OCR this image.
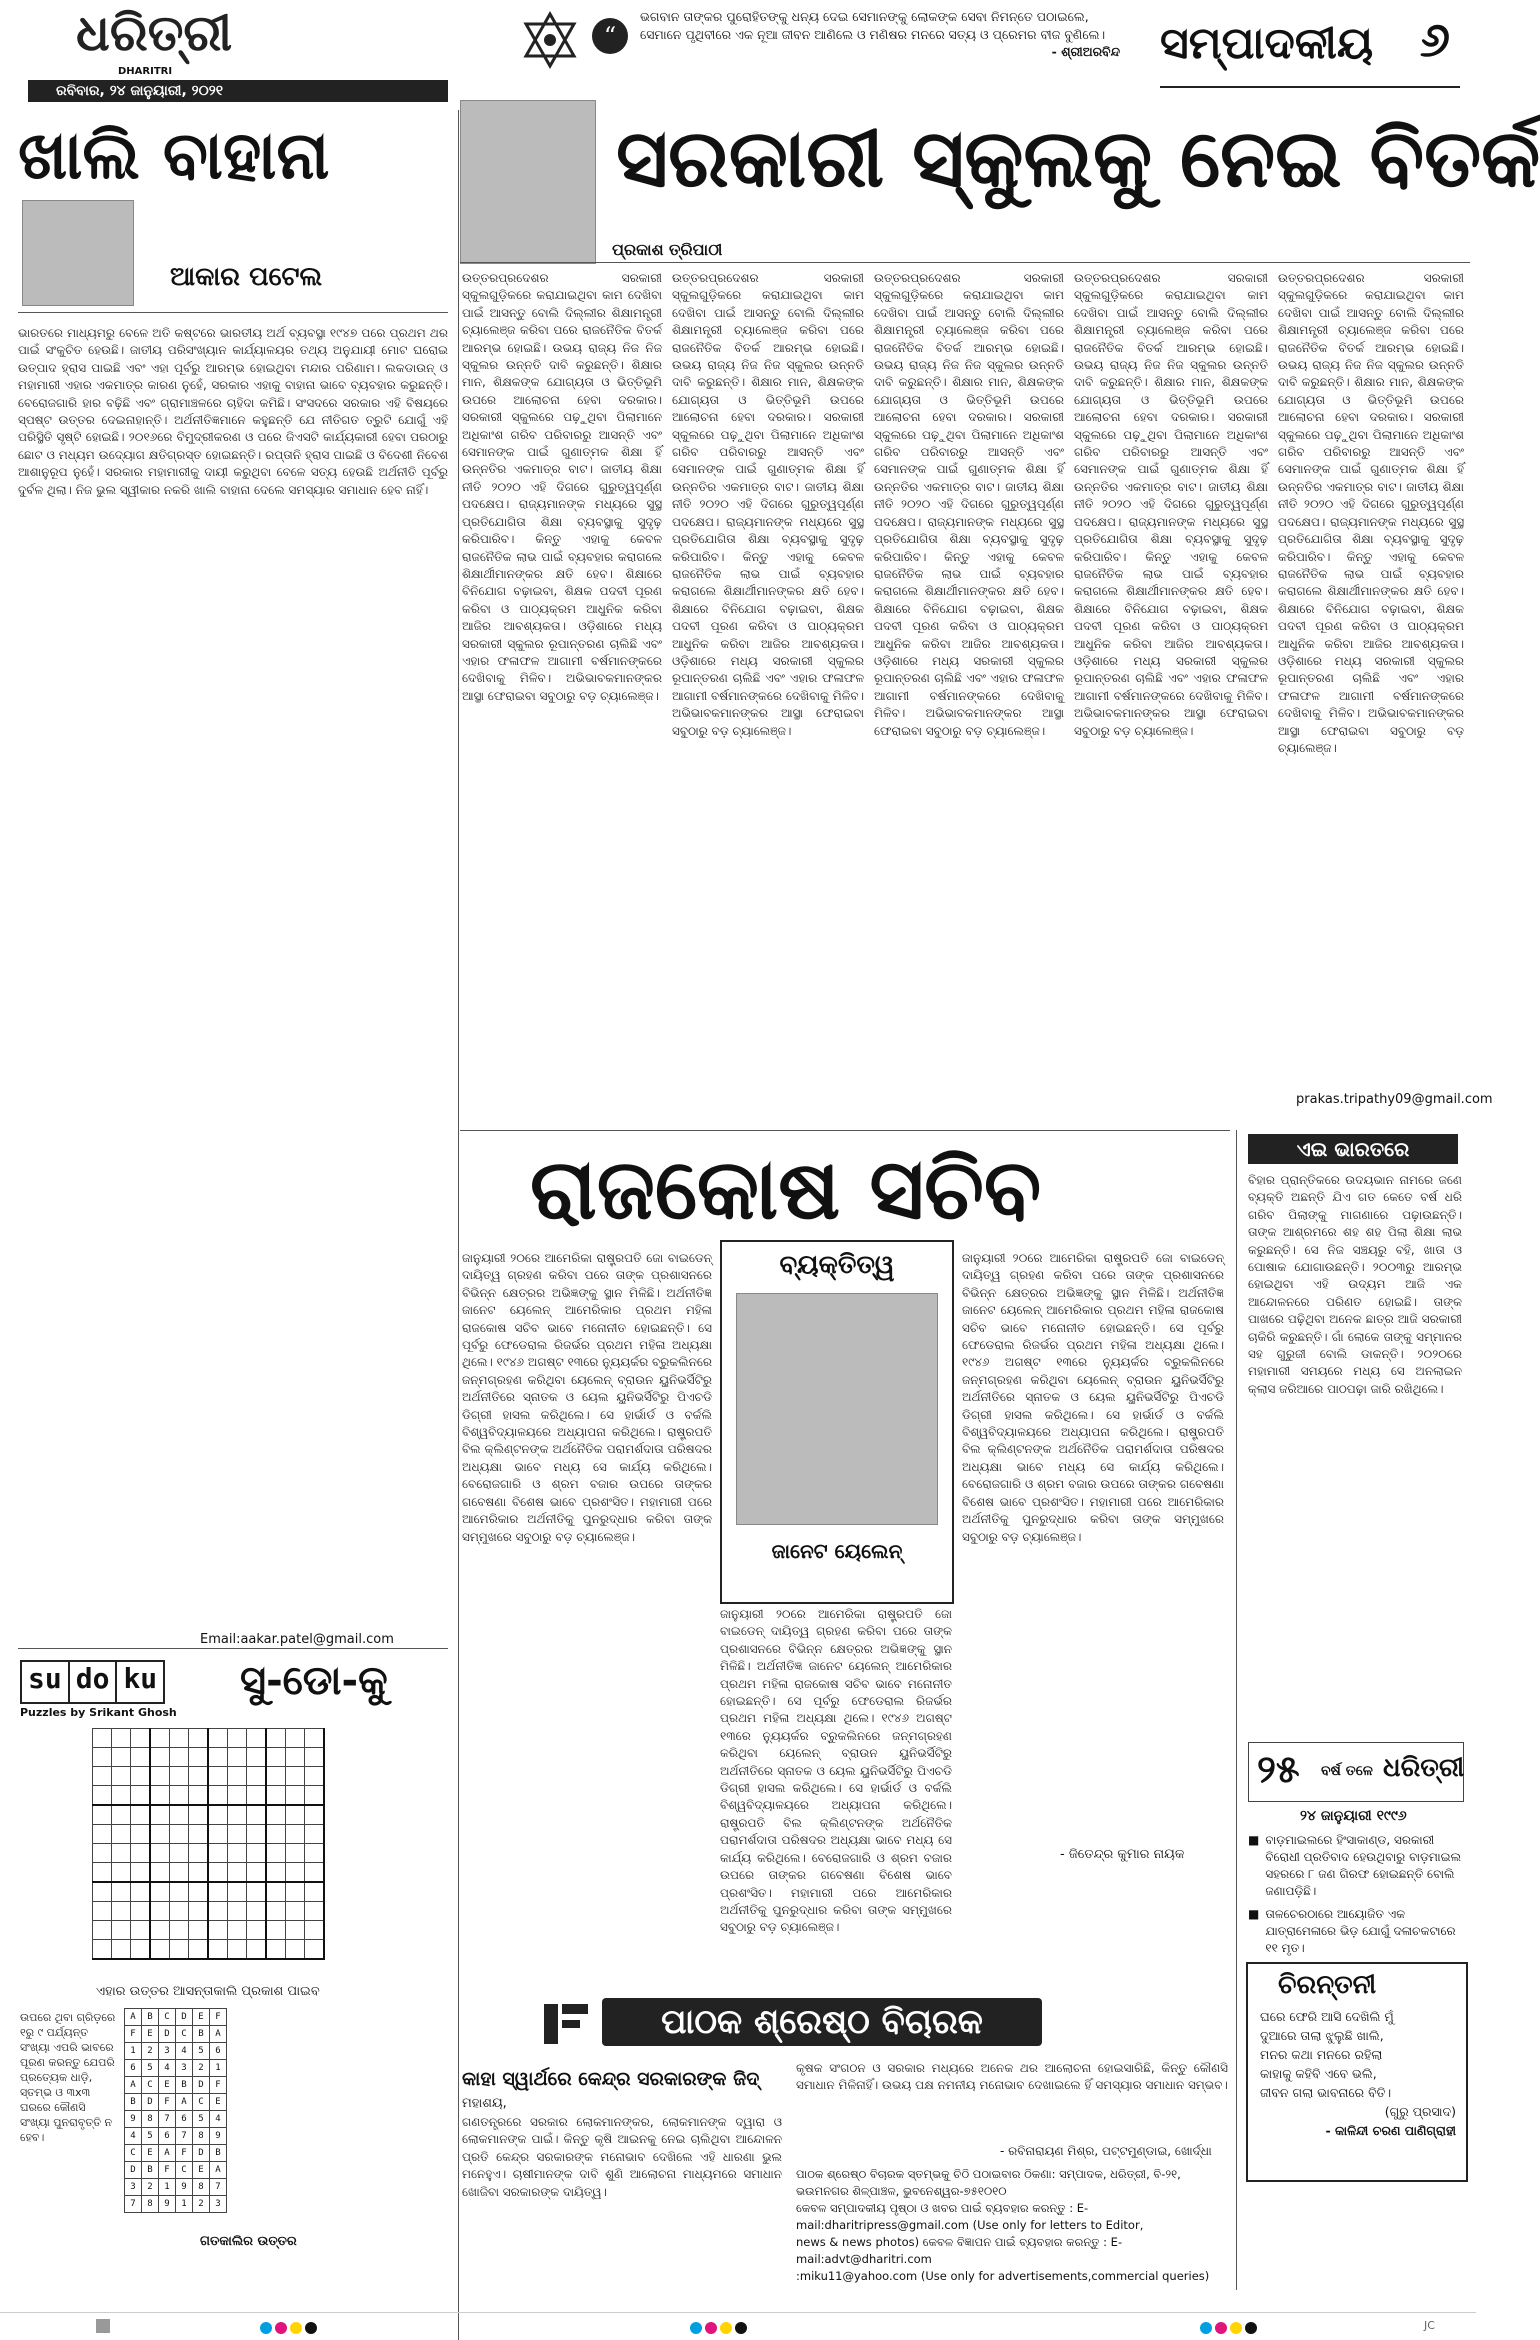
ଧରିତ୍ରୀ
DHARITRI
ରବିବାର, ୨୪ ଜାନୁୟାରୀ, ୨୦୨୧
“
ଭଗବାନ ତାଙ୍କର ପୁରୋହିତଙ୍କୁ ଧନ୍ୟ ଦେଇ ସେମାନଙ୍କୁ ଲୋକଙ୍କ ସେବା ନିମନ୍ତେ ପଠାଇଲେ, ସେମାନେ ପୃଥିବୀରେ ଏକ ନୂଆ ଜୀବନ ଆଣିଲେ ଓ ମଣିଷର ମନରେ ସତ୍ୟ ଓ ପ୍ରେମର ବୀଜ ବୁଣିଲେ।
- ଶ୍ରୀଅରବିନ୍ଦ ସମ୍ପାଦକୀୟ ୬
ଖାଲି ବାହାନା
ଆକାର ପଟେଲ
ଭାରତରେ ମାଧ୍ୟମରୁ ବେଳେ ଅତି କଷ୍ଟରେ ଭାରତୀୟ ଅର୍ଥ ବ୍ୟବସ୍ଥା ୧୯୪୭ ପରେ ପ୍ରଥମ ଥର ପାଇଁ ସଂକୁଚିତ ହେଉଛି। ଜାତୀୟ ପରିସଂଖ୍ୟାନ କାର୍ଯ୍ୟାଳୟର ତଥ୍ୟ ଅନୁଯାୟୀ ମୋଟ ଘରୋଇ ଉତ୍ପାଦ ହ୍ରାସ ପାଇଛି ଏବଂ ଏହା ପୂର୍ବରୁ ଆରମ୍ଭ ହୋଇଥିବା ମନ୍ଦାର ପରିଣାମ। ଲକଡାଉନ୍ ଓ ମହାମାରୀ ଏହାର ଏକମାତ୍ର କାରଣ ନୁହେଁ, ସରକାର ଏହାକୁ ବାହାନା ଭାବେ ବ୍ୟବହାର କରୁଛନ୍ତି। ବେରୋଜଗାରି ହାର ବଢ଼ିଛି ଏବଂ ଗ୍ରାମାଞ୍ଚଳରେ ଚାହିଦା କମିଛି। ସଂସଦରେ ସରକାର ଏହି ବିଷୟରେ ସ୍ପଷ୍ଟ ଉତ୍ତର ଦେଇନାହାନ୍ତି। ଅର୍ଥନୀତିଜ୍ଞମାନେ କହୁଛନ୍ତି ଯେ ନୀତିଗତ ତ୍ରୁଟି ଯୋଗୁଁ ଏହି ପରିସ୍ଥିତି ସୃଷ୍ଟି ହୋଇଛି। ୨୦୧୬ରେ ବିମୁଦ୍ରୀକରଣ ଓ ପରେ ଜିଏସଟି କାର୍ଯ୍ୟକାରୀ ହେବା ପରଠାରୁ ଛୋଟ ଓ ମଧ୍ୟମ ଉଦ୍ୟୋଗ କ୍ଷତିଗ୍ରସ୍ତ ହୋଇଛନ୍ତି। ରପ୍ତାନି ହ୍ରାସ ପାଇଛି ଓ ବିଦେଶୀ ନିବେଶ ଆଶାନୁରୂପ ନୁହେଁ। ସରକାର ମହାମାରୀକୁ ଦାୟୀ କରୁଥିବା ବେଳେ ସତ୍ୟ ହେଉଛି ଅର୍ଥନୀତି ପୂର୍ବରୁ ଦୁର୍ବଳ ଥିଲା। ନିଜ ଭୁଲ ସ୍ୱୀକାର ନକରି ଖାଲି ବାହାନା ଦେଲେ ସମସ୍ୟାର ସମାଧାନ ହେବ ନାହିଁ।
Email:aakar.patel@gmail.com
ସରକାରୀ ସ୍କୁଲକୁ ନେଇ ବିତର୍କ
ପ୍ରକାଶ ତ୍ରିପାଠୀ
ଉତ୍ତରପ୍ରଦେଶର ସରକାରୀ ସ୍କୁଲଗୁଡ଼ିକରେ କରାଯାଇଥିବା କାମ ଦେଖିବା ପାଇଁ ଆସନ୍ତୁ ବୋଲି ଦିଲ୍ଲୀର ଶିକ୍ଷାମନ୍ତ୍ରୀ ଚ୍ୟାଲେଞ୍ଜ କରିବା ପରେ ରାଜନୈତିକ ବିତର୍କ ଆରମ୍ଭ ହୋଇଛି। ଉଭୟ ରାଜ୍ୟ ନିଜ ନିଜ ସ୍କୁଲର ଉନ୍ନତି ଦାବି କରୁଛନ୍ତି। ଶିକ୍ଷାର ମାନ, ଶିକ୍ଷକଙ୍କ ଯୋଗ୍ୟତା ଓ ଭିତ୍ତିଭୂମି ଉପରେ ଆଲୋଚନା ହେବା ଦରକାର। ସରକାରୀ ସ୍କୁଲରେ ପଢ଼ୁଥିବା ପିଲାମାନେ ଅଧିକାଂଶ ଗରିବ ପରିବାରରୁ ଆସନ୍ତି ଏବଂ ସେମାନଙ୍କ ପାଇଁ ଗୁଣାତ୍ମକ ଶିକ୍ଷା ହିଁ ଉନ୍ନତିର ଏକମାତ୍ର ବାଟ। ଜାତୀୟ ଶିକ୍ଷା ନୀତି ୨୦୨୦ ଏହି ଦିଗରେ ଗୁରୁତ୍ୱପୂର୍ଣ୍ଣ ପଦକ୍ଷେପ। ରାଜ୍ୟମାନଙ୍କ ମଧ୍ୟରେ ସୁସ୍ଥ ପ୍ରତିଯୋଗିତା ଶିକ୍ଷା ବ୍ୟବସ୍ଥାକୁ ସୁଦୃଢ଼ କରିପାରିବ। କିନ୍ତୁ ଏହାକୁ କେବଳ ରାଜନୈତିକ ଲାଭ ପାଇଁ ବ୍ୟବହାର କରାଗଲେ ଶିକ୍ଷାର୍ଥୀମାନଙ୍କର କ୍ଷତି ହେବ। ଶିକ୍ଷାରେ ବିନିଯୋଗ ବଢ଼ାଇବା, ଶିକ୍ଷକ ପଦବୀ ପୂରଣ କରିବା ଓ ପାଠ୍ୟକ୍ରମ ଆଧୁନିକ କରିବା ଆଜିର ଆବଶ୍ୟକତା। ଓଡ଼ିଶାରେ ମଧ୍ୟ ସରକାରୀ ସ୍କୁଲର ରୂପାନ୍ତରଣ ଚାଲିଛି ଏବଂ ଏହାର ଫଳାଫଳ ଆଗାମୀ ବର୍ଷମାନଙ୍କରେ ଦେଖିବାକୁ ମିଳିବ। ଅଭିଭାବକମାନଙ୍କର ଆସ୍ଥା ଫେରାଇବା ସବୁଠାରୁ ବଡ଼ ଚ୍ୟାଲେଞ୍ଜ।
ଉତ୍ତରପ୍ରଦେଶର ସରକାରୀ ସ୍କୁଲଗୁଡ଼ିକରେ କରାଯାଇଥିବା କାମ ଦେଖିବା ପାଇଁ ଆସନ୍ତୁ ବୋଲି ଦିଲ୍ଲୀର ଶିକ୍ଷାମନ୍ତ୍ରୀ ଚ୍ୟାଲେଞ୍ଜ କରିବା ପରେ ରାଜନୈତିକ ବିତର୍କ ଆରମ୍ଭ ହୋଇଛି। ଉଭୟ ରାଜ୍ୟ ନିଜ ନିଜ ସ୍କୁଲର ଉନ୍ନତି ଦାବି କରୁଛନ୍ତି। ଶିକ୍ଷାର ମାନ, ଶିକ୍ଷକଙ୍କ ଯୋଗ୍ୟତା ଓ ଭିତ୍ତିଭୂମି ଉପରେ ଆଲୋଚନା ହେବା ଦରକାର। ସରକାରୀ ସ୍କୁଲରେ ପଢ଼ୁଥିବା ପିଲାମାନେ ଅଧିକାଂଶ ଗରିବ ପରିବାରରୁ ଆସନ୍ତି ଏବଂ ସେମାନଙ୍କ ପାଇଁ ଗୁଣାତ୍ମକ ଶିକ୍ଷା ହିଁ ଉନ୍ନତିର ଏକମାତ୍ର ବାଟ। ଜାତୀୟ ଶିକ୍ଷା ନୀତି ୨୦୨୦ ଏହି ଦିଗରେ ଗୁରୁତ୍ୱପୂର୍ଣ୍ଣ ପଦକ୍ଷେପ। ରାଜ୍ୟମାନଙ୍କ ମଧ୍ୟରେ ସୁସ୍ଥ ପ୍ରତିଯୋଗିତା ଶିକ୍ଷା ବ୍ୟବସ୍ଥାକୁ ସୁଦୃଢ଼ କରିପାରିବ। କିନ୍ତୁ ଏହାକୁ କେବଳ ରାଜନୈତିକ ଲାଭ ପାଇଁ ବ୍ୟବହାର କରାଗଲେ ଶିକ୍ଷାର୍ଥୀମାନଙ୍କର କ୍ଷତି ହେବ। ଶିକ୍ଷାରେ ବିନିଯୋଗ ବଢ଼ାଇବା, ଶିକ୍ଷକ ପଦବୀ ପୂରଣ କରିବା ଓ ପାଠ୍ୟକ୍ରମ ଆଧୁନିକ କରିବା ଆଜିର ଆବଶ୍ୟକତା। ଓଡ଼ିଶାରେ ମଧ୍ୟ ସରକାରୀ ସ୍କୁଲର ରୂପାନ୍ତରଣ ଚାଲିଛି ଏବଂ ଏହାର ଫଳାଫଳ ଆଗାମୀ ବର୍ଷମାନଙ୍କରେ ଦେଖିବାକୁ ମିଳିବ। ଅଭିଭାବକମାନଙ୍କର ଆସ୍ଥା ଫେରାଇବା ସବୁଠାରୁ ବଡ଼ ଚ୍ୟାଲେଞ୍ଜ।
ଉତ୍ତରପ୍ରଦେଶର ସରକାରୀ ସ୍କୁଲଗୁଡ଼ିକରେ କରାଯାଇଥିବା କାମ ଦେଖିବା ପାଇଁ ଆସନ୍ତୁ ବୋଲି ଦିଲ୍ଲୀର ଶିକ୍ଷାମନ୍ତ୍ରୀ ଚ୍ୟାଲେଞ୍ଜ କରିବା ପରେ ରାଜନୈତିକ ବିତର୍କ ଆରମ୍ଭ ହୋଇଛି। ଉଭୟ ରାଜ୍ୟ ନିଜ ନିଜ ସ୍କୁଲର ଉନ୍ନତି ଦାବି କରୁଛନ୍ତି। ଶିକ୍ଷାର ମାନ, ଶିକ୍ଷକଙ୍କ ଯୋଗ୍ୟତା ଓ ଭିତ୍ତିଭୂମି ଉପରେ ଆଲୋଚନା ହେବା ଦରକାର। ସରକାରୀ ସ୍କୁଲରେ ପଢ଼ୁଥିବା ପିଲାମାନେ ଅଧିକାଂଶ ଗରିବ ପରିବାରରୁ ଆସନ୍ତି ଏବଂ ସେମାନଙ୍କ ପାଇଁ ଗୁଣାତ୍ମକ ଶିକ୍ଷା ହିଁ ଉନ୍ନତିର ଏକମାତ୍ର ବାଟ। ଜାତୀୟ ଶିକ୍ଷା ନୀତି ୨୦୨୦ ଏହି ଦିଗରେ ଗୁରୁତ୍ୱପୂର୍ଣ୍ଣ ପଦକ୍ଷେପ। ରାଜ୍ୟମାନଙ୍କ ମଧ୍ୟରେ ସୁସ୍ଥ ପ୍ରତିଯୋଗିତା ଶିକ୍ଷା ବ୍ୟବସ୍ଥାକୁ ସୁଦୃଢ଼ କରିପାରିବ। କିନ୍ତୁ ଏହାକୁ କେବଳ ରାଜନୈତିକ ଲାଭ ପାଇଁ ବ୍ୟବହାର କରାଗଲେ ଶିକ୍ଷାର୍ଥୀମାନଙ୍କର କ୍ଷତି ହେବ। ଶିକ୍ଷାରେ ବିନିଯୋଗ ବଢ଼ାଇବା, ଶିକ୍ଷକ ପଦବୀ ପୂରଣ କରିବା ଓ ପାଠ୍ୟକ୍ରମ ଆଧୁନିକ କରିବା ଆଜିର ଆବଶ୍ୟକତା। ଓଡ଼ିଶାରେ ମଧ୍ୟ ସରକାରୀ ସ୍କୁଲର ରୂପାନ୍ତରଣ ଚାଲିଛି ଏବଂ ଏହାର ଫଳାଫଳ ଆଗାମୀ ବର୍ଷମାନଙ୍କରେ ଦେଖିବାକୁ ମିଳିବ। ଅଭିଭାବକମାନଙ୍କର ଆସ୍ଥା ଫେରାଇବା ସବୁଠାରୁ ବଡ଼ ଚ୍ୟାଲେଞ୍ଜ।
ଉତ୍ତରପ୍ରଦେଶର ସରକାରୀ ସ୍କୁଲଗୁଡ଼ିକରେ କରାଯାଇଥିବା କାମ ଦେଖିବା ପାଇଁ ଆସନ୍ତୁ ବୋଲି ଦିଲ୍ଲୀର ଶିକ୍ଷାମନ୍ତ୍ରୀ ଚ୍ୟାଲେଞ୍ଜ କରିବା ପରେ ରାଜନୈତିକ ବିତର୍କ ଆରମ୍ଭ ହୋଇଛି। ଉଭୟ ରାଜ୍ୟ ନିଜ ନିଜ ସ୍କୁଲର ଉନ୍ନତି ଦାବି କରୁଛନ୍ତି। ଶିକ୍ଷାର ମାନ, ଶିକ୍ଷକଙ୍କ ଯୋଗ୍ୟତା ଓ ଭିତ୍ତିଭୂମି ଉପରେ ଆଲୋଚନା ହେବା ଦରକାର। ସରକାରୀ ସ୍କୁଲରେ ପଢ଼ୁଥିବା ପିଲାମାନେ ଅଧିକାଂଶ ଗରିବ ପରିବାରରୁ ଆସନ୍ତି ଏବଂ ସେମାନଙ୍କ ପାଇଁ ଗୁଣାତ୍ମକ ଶିକ୍ଷା ହିଁ ଉନ୍ନତିର ଏକମାତ୍ର ବାଟ। ଜାତୀୟ ଶିକ୍ଷା ନୀତି ୨୦୨୦ ଏହି ଦିଗରେ ଗୁରୁତ୍ୱପୂର୍ଣ୍ଣ ପଦକ୍ଷେପ। ରାଜ୍ୟମାନଙ୍କ ମଧ୍ୟରେ ସୁସ୍ଥ ପ୍ରତିଯୋଗିତା ଶିକ୍ଷା ବ୍ୟବସ୍ଥାକୁ ସୁଦୃଢ଼ କରିପାରିବ। କିନ୍ତୁ ଏହାକୁ କେବଳ ରାଜନୈତିକ ଲାଭ ପାଇଁ ବ୍ୟବହାର କରାଗଲେ ଶିକ୍ଷାର୍ଥୀମାନଙ୍କର କ୍ଷତି ହେବ। ଶିକ୍ଷାରେ ବିନିଯୋଗ ବଢ଼ାଇବା, ଶିକ୍ଷକ ପଦବୀ ପୂରଣ କରିବା ଓ ପାଠ୍ୟକ୍ରମ ଆଧୁନିକ କରିବା ଆଜିର ଆବଶ୍ୟକତା। ଓଡ଼ିଶାରେ ମଧ୍ୟ ସରକାରୀ ସ୍କୁଲର ରୂପାନ୍ତରଣ ଚାଲିଛି ଏବଂ ଏହାର ଫଳାଫଳ ଆଗାମୀ ବର୍ଷମାନଙ୍କରେ ଦେଖିବାକୁ ମିଳିବ। ଅଭିଭାବକମାନଙ୍କର ଆସ୍ଥା ଫେରାଇବା ସବୁଠାରୁ ବଡ଼ ଚ୍ୟାଲେଞ୍ଜ।
ଉତ୍ତରପ୍ରଦେଶର ସରକାରୀ ସ୍କୁଲଗୁଡ଼ିକରେ କରାଯାଇଥିବା କାମ ଦେଖିବା ପାଇଁ ଆସନ୍ତୁ ବୋଲି ଦିଲ୍ଲୀର ଶିକ୍ଷାମନ୍ତ୍ରୀ ଚ୍ୟାଲେଞ୍ଜ କରିବା ପରେ ରାଜନୈତିକ ବିତର୍କ ଆରମ୍ଭ ହୋଇଛି। ଉଭୟ ରାଜ୍ୟ ନିଜ ନିଜ ସ୍କୁଲର ଉନ୍ନତି ଦାବି କରୁଛନ୍ତି। ଶିକ୍ଷାର ମାନ, ଶିକ୍ଷକଙ୍କ ଯୋଗ୍ୟତା ଓ ଭିତ୍ତିଭୂମି ଉପରେ ଆଲୋଚନା ହେବା ଦରକାର। ସରକାରୀ ସ୍କୁଲରେ ପଢ଼ୁଥିବା ପିଲାମାନେ ଅଧିକାଂଶ ଗରିବ ପରିବାରରୁ ଆସନ୍ତି ଏବଂ ସେମାନଙ୍କ ପାଇଁ ଗୁଣାତ୍ମକ ଶିକ୍ଷା ହିଁ ଉନ୍ନତିର ଏକମାତ୍ର ବାଟ। ଜାତୀୟ ଶିକ୍ଷା ନୀତି ୨୦୨୦ ଏହି ଦିଗରେ ଗୁରୁତ୍ୱପୂର୍ଣ୍ଣ ପଦକ୍ଷେପ। ରାଜ୍ୟମାନଙ୍କ ମଧ୍ୟରେ ସୁସ୍ଥ ପ୍ରତିଯୋଗିତା ଶିକ୍ଷା ବ୍ୟବସ୍ଥାକୁ ସୁଦୃଢ଼ କରିପାରିବ। କିନ୍ତୁ ଏହାକୁ କେବଳ ରାଜନୈତିକ ଲାଭ ପାଇଁ ବ୍ୟବହାର କରାଗଲେ ଶିକ୍ଷାର୍ଥୀମାନଙ୍କର କ୍ଷତି ହେବ। ଶିକ୍ଷାରେ ବିନିଯୋଗ ବଢ଼ାଇବା, ଶିକ୍ଷକ ପଦବୀ ପୂରଣ କରିବା ଓ ପାଠ୍ୟକ୍ରମ ଆଧୁନିକ କରିବା ଆଜିର ଆବଶ୍ୟକତା। ଓଡ଼ିଶାରେ ମଧ୍ୟ ସରକାରୀ ସ୍କୁଲର ରୂପାନ୍ତରଣ ଚାଲିଛି ଏବଂ ଏହାର ଫଳାଫଳ ଆଗାମୀ ବର୍ଷମାନଙ୍କରେ ଦେଖିବାକୁ ମିଳିବ। ଅଭିଭାବକମାନଙ୍କର ଆସ୍ଥା ଫେରାଇବା ସବୁଠାରୁ ବଡ଼ ଚ୍ୟାଲେଞ୍ଜ।
prakas.tripathy09@gmail.com
ରାଜକୋଷ ସଚିବ
ଜାନୁୟାରୀ ୨୦ରେ ଆମେରିକା ରାଷ୍ଟ୍ରପତି ଜୋ ବାଇଡେନ୍ ଦାୟିତ୍ୱ ଗ୍ରହଣ କରିବା ପରେ ତାଙ୍କ ପ୍ରଶାସନରେ ବିଭିନ୍ନ କ୍ଷେତ୍ରର ଅଭିଜ୍ଞଙ୍କୁ ସ୍ଥାନ ମିଳିଛି। ଅର୍ଥନୀତିଜ୍ଞ ଜାନେଟ ୟେଲେନ୍ ଆମେରିକାର ପ୍ରଥମ ମହିଳା ରାଜକୋଷ ସଚିବ ଭାବେ ମନୋନୀତ ହୋଇଛନ୍ତି। ସେ ପୂର୍ବରୁ ଫେଡେରାଲ ରିଜର୍ଭର ପ୍ରଥମ ମହିଳା ଅଧ୍ୟକ୍ଷା ଥିଲେ। ୧୯୪୬ ଅଗଷ୍ଟ ୧୩ରେ ନ୍ୟୁୟର୍କର ବ୍ରୁକଲିନରେ ଜନ୍ମଗ୍ରହଣ କରିଥିବା ୟେଲେନ୍ ବ୍ରାଉନ ୟୁନିଭର୍ସିଟିରୁ ଅର୍ଥନୀତିରେ ସ୍ନାତକ ଓ ୟେଲ ୟୁନିଭର୍ସିଟିରୁ ପିଏଚଡି ଡିଗ୍ରୀ ହାସଲ କରିଥିଲେ। ସେ ହାର୍ଭାର୍ଡ ଓ ବର୍କଲି ବିଶ୍ୱବିଦ୍ୟାଳୟରେ ଅଧ୍ୟାପନା କରିଥିଲେ। ରାଷ୍ଟ୍ରପତି ବିଲ କ୍ଲିଣ୍ଟନଙ୍କ ଅର୍ଥନୈତିକ ପରାମର୍ଶଦାତା ପରିଷଦର ଅଧ୍ୟକ୍ଷା ଭାବେ ମଧ୍ୟ ସେ କାର୍ଯ୍ୟ କରିଥିଲେ। ବେରୋଜଗାରି ଓ ଶ୍ରମ ବଜାର ଉପରେ ତାଙ୍କର ଗବେଷଣା ବିଶେଷ ଭାବେ ପ୍ରଶଂସିତ। ମହାମାରୀ ପରେ ଆମେରିକାର ଅର୍ଥନୀତିକୁ ପୁନରୁଦ୍ଧାର କରିବା ତାଙ୍କ ସମ୍ମୁଖରେ ସବୁଠାରୁ ବଡ଼ ଚ୍ୟାଲେଞ୍ଜ।
ବ୍ୟକ୍ତିତ୍ୱ
ଜାନେଟ ୟେଲେନ୍
ଜାନୁୟାରୀ ୨୦ରେ ଆମେରିକା ରାଷ୍ଟ୍ରପତି ଜୋ ବାଇଡେନ୍ ଦାୟିତ୍ୱ ଗ୍ରହଣ କରିବା ପରେ ତାଙ୍କ ପ୍ରଶାସନରେ ବିଭିନ୍ନ କ୍ଷେତ୍ରର ଅଭିଜ୍ଞଙ୍କୁ ସ୍ଥାନ ମିଳିଛି। ଅର୍ଥନୀତିଜ୍ଞ ଜାନେଟ ୟେଲେନ୍ ଆମେରିକାର ପ୍ରଥମ ମହିଳା ରାଜକୋଷ ସଚିବ ଭାବେ ମନୋନୀତ ହୋଇଛନ୍ତି। ସେ ପୂର୍ବରୁ ଫେଡେରାଲ ରିଜର୍ଭର ପ୍ରଥମ ମହିଳା ଅଧ୍ୟକ୍ଷା ଥିଲେ। ୧୯୪୬ ଅଗଷ୍ଟ ୧୩ରେ ନ୍ୟୁୟର୍କର ବ୍ରୁକଲିନରେ ଜନ୍ମଗ୍ରହଣ କରିଥିବା ୟେଲେନ୍ ବ୍ରାଉନ ୟୁନିଭର୍ସିଟିରୁ ଅର୍ଥନୀତିରେ ସ୍ନାତକ ଓ ୟେଲ ୟୁନିଭର୍ସିଟିରୁ ପିଏଚଡି ଡିଗ୍ରୀ ହାସଲ କରିଥିଲେ। ସେ ହାର୍ଭାର୍ଡ ଓ ବର୍କଲି ବିଶ୍ୱବିଦ୍ୟାଳୟରେ ଅଧ୍ୟାପନା କରିଥିଲେ। ରାଷ୍ଟ୍ରପତି ବିଲ କ୍ଲିଣ୍ଟନଙ୍କ ଅର୍ଥନୈତିକ ପରାମର୍ଶଦାତା ପରିଷଦର ଅଧ୍ୟକ୍ଷା ଭାବେ ମଧ୍ୟ ସେ କାର୍ଯ୍ୟ କରିଥିଲେ। ବେରୋଜଗାରି ଓ ଶ୍ରମ ବଜାର ଉପରେ ତାଙ୍କର ଗବେଷଣା ବିଶେଷ ଭାବେ ପ୍ରଶଂସିତ। ମହାମାରୀ ପରେ ଆମେରିକାର ଅର୍ଥନୀତିକୁ ପୁନରୁଦ୍ଧାର କରିବା ତାଙ୍କ ସମ୍ମୁଖରେ ସବୁଠାରୁ ବଡ଼ ଚ୍ୟାଲେଞ୍ଜ।
ଜାନୁୟାରୀ ୨୦ରେ ଆମେରିକା ରାଷ୍ଟ୍ରପତି ଜୋ ବାଇଡେନ୍ ଦାୟିତ୍ୱ ଗ୍ରହଣ କରିବା ପରେ ତାଙ୍କ ପ୍ରଶାସନରେ ବିଭିନ୍ନ କ୍ଷେତ୍ରର ଅଭିଜ୍ଞଙ୍କୁ ସ୍ଥାନ ମିଳିଛି। ଅର୍ଥନୀତିଜ୍ଞ ଜାନେଟ ୟେଲେନ୍ ଆମେରିକାର ପ୍ରଥମ ମହିଳା ରାଜକୋଷ ସଚିବ ଭାବେ ମନୋନୀତ ହୋଇଛନ୍ତି। ସେ ପୂର୍ବରୁ ଫେଡେରାଲ ରିଜର୍ଭର ପ୍ରଥମ ମହିଳା ଅଧ୍ୟକ୍ଷା ଥିଲେ। ୧୯୪୬ ଅଗଷ୍ଟ ୧୩ରେ ନ୍ୟୁୟର୍କର ବ୍ରୁକଲିନରେ ଜନ୍ମଗ୍ରହଣ କରିଥିବା ୟେଲେନ୍ ବ୍ରାଉନ ୟୁନିଭର୍ସିଟିରୁ ଅର୍ଥନୀତିରେ ସ୍ନାତକ ଓ ୟେଲ ୟୁନିଭର୍ସିଟିରୁ ପିଏଚଡି ଡିଗ୍ରୀ ହାସଲ କରିଥିଲେ। ସେ ହାର୍ଭାର୍ଡ ଓ ବର୍କଲି ବିଶ୍ୱବିଦ୍ୟାଳୟରେ ଅଧ୍ୟାପନା କରିଥିଲେ। ରାଷ୍ଟ୍ରପତି ବିଲ କ୍ଲିଣ୍ଟନଙ୍କ ଅର୍ଥନୈତିକ ପରାମର୍ଶଦାତା ପରିଷଦର ଅଧ୍ୟକ୍ଷା ଭାବେ ମଧ୍ୟ ସେ କାର୍ଯ୍ୟ କରିଥିଲେ। ବେରୋଜଗାରି ଓ ଶ୍ରମ ବଜାର ଉପରେ ତାଙ୍କର ଗବେଷଣା ବିଶେଷ ଭାବେ ପ୍ରଶଂସିତ। ମହାମାରୀ ପରେ ଆମେରିକାର ଅର୍ଥନୀତିକୁ ପୁନରୁଦ୍ଧାର କରିବା ତାଙ୍କ ସମ୍ମୁଖରେ ସବୁଠାରୁ ବଡ଼ ଚ୍ୟାଲେଞ୍ଜ।
- ଜିତେନ୍ଦ୍ର କୁମାର ନାୟକ
ଏଇ ଭାରତରେ
ବିହାର ପ୍ରାନ୍ତିକରେ ଉଦୟଭାନ ନାମରେ ଜଣେ ବ୍ୟକ୍ତି ଅଛନ୍ତି ଯିଏ ଗତ କେତେ ବର୍ଷ ଧରି ଗରିବ ପିଲାଙ୍କୁ ମାଗଣାରେ ପଢ଼ାଉଛନ୍ତି। ତାଙ୍କ ଆଶ୍ରମରେ ଶହ ଶହ ପିଲା ଶିକ୍ଷା ଲାଭ କରୁଛନ୍ତି। ସେ ନିଜ ସଞ୍ଚୟରୁ ବହି, ଖାତା ଓ ପୋଷାକ ଯୋଗାଉଛନ୍ତି। ୨୦୦୩ରୁ ଆରମ୍ଭ ହୋଇଥିବା ଏହି ଉଦ୍ୟମ ଆଜି ଏକ ଆନ୍ଦୋଳନରେ ପରିଣତ ହୋଇଛି। ତାଙ୍କ ପାଖରେ ପଢ଼ିଥିବା ଅନେକ ଛାତ୍ର ଆଜି ସରକାରୀ ଚାକିରି କରୁଛନ୍ତି। ଗାଁ ଲୋକେ ତାଙ୍କୁ ସମ୍ମାନର ସହ ଗୁରୁଜୀ ବୋଲି ଡାକନ୍ତି। ୨୦୨୦ରେ ମହାମାରୀ ସମୟରେ ମଧ୍ୟ ସେ ଅନଲାଇନ କ୍ଲାସ ଜରିଆରେ ପାଠପଢ଼ା ଜାରି ରଖିଥିଲେ।
୨୫ ବର୍ଷ ତଳେ ଧରିତ୍ରୀ
୨୪ ଜାନୁୟାରୀ ୧୯୯୬
■ ବାଡ଼ମାଇଲରେ ହିଂସାକାଣ୍ଡ, ସରକାରୀ ବିରୋଧୀ ପ୍ରତିବାଦ ହେଉଥିବାରୁ ବାଡ଼ମାଇଲ ସହରରେ ୮ ଜଣ ଗିରଫ ହୋଇଛନ୍ତି ବୋଲି ଜଣାପଡ଼ିଛି।
■ ତାଳଚେରଠାରେ ଆୟୋଜିତ ଏକ ଯାତ୍ରାମେଳାରେ ଭିଡ଼ ଯୋଗୁଁ ଦଳାଚକଟାରେ ୧୧ ମୃତ।
ଚିରନ୍ତନୀ
ଘରେ ଫେରି ଆସି ଦେଖିଲି ମୁଁ
ଦୁଆରେ ତାଲା ଝୁଲୁଛି ଖାଲି,
ମନର କଥା ମନରେ ରହିଲା
କାହାକୁ କହିବି ଏବେ ଭଲି,
ଜୀବନ ଗଲା ଭାବନାରେ ବିତି।
(ଗୁରୁ ପ୍ରସାଦ)
- କାଳିନ୍ଦୀ ଚରଣ ପାଣିଗ୍ରାହୀ
su do ku
Puzzles by Srikant Ghosh
ସୁ-ଡୋ-କୁ

ଏହାର ଉତ୍ତର ଆସନ୍ତାକାଲି ପ୍ରକାଶ ପାଇବ
ଉପରେ ଥିବା ଗ୍ରିଡ଼ରେ ୧ରୁ ୯ ପର୍ଯ୍ୟନ୍ତ ସଂଖ୍ୟା ଏପରି ଭାବରେ ପୂରଣ କରନ୍ତୁ ଯେପରି ପ୍ରତ୍ୟେକ ଧାଡ଼ି, ସ୍ତମ୍ଭ ଓ ୩x୩ ଘରରେ କୌଣସି ସଂଖ୍ୟା ପୁନରାବୃତ୍ତି ନ ହେବ।
A	B	C	D	E	F
F	E	D	C	B	A
1	2	3	4	5	6
6	5	4	3	2	1
A	C	E	B	D	F
B	D	F	A	C	E
9	8	7	6	5	4
4	5	6	7	8	9
C	E	A	F	D	B
D	B	F	C	E	A
3	2	1	9	8	7
7	8	9	1	2	3
ଗତକାଲିର ଉତ୍ତର
ପାଠକ ଶ୍ରେଷ୍ଠ ବିଚାରକ
କାହା ସ୍ୱାର୍ଥରେ କେନ୍ଦ୍ର ସରକାରଙ୍କ ଜିଦ୍
ମହାଶୟ,
ଗଣତନ୍ତ୍ରରେ ସରକାର ଲୋକମାନଙ୍କର, ଲୋକମାନଙ୍କ ଦ୍ୱାରା ଓ ଲୋକମାନଙ୍କ ପାଇଁ। କିନ୍ତୁ କୃଷି ଆଇନକୁ ନେଇ ଚାଲିଥିବା ଆନ୍ଦୋଳନ ପ୍ରତି କେନ୍ଦ୍ର ସରକାରଙ୍କ ମନୋଭାବ ଦେଖିଲେ ଏହି ଧାରଣା ଭୁଲ ମନେହୁଏ। ଚାଷୀମାନଙ୍କ ଦାବି ଶୁଣି ଆଲୋଚନା ମାଧ୍ୟମରେ ସମାଧାନ ଖୋଜିବା ସରକାରଙ୍କ ଦାୟିତ୍ୱ।
କୃଷକ ସଂଗଠନ ଓ ସରକାର ମଧ୍ୟରେ ଅନେକ ଥର ଆଲୋଚନା ହୋଇସାରିଛି, କିନ୍ତୁ କୌଣସି ସମାଧାନ ମିଳିନାହିଁ। ଉଭୟ ପକ୍ଷ ନମନୀୟ ମନୋଭାବ ଦେଖାଇଲେ ହିଁ ସମସ୍ୟାର ସମାଧାନ ସମ୍ଭବ।
- ରବିନାରାୟଣ ମିଶ୍ର, ପଟ୍ଟମୁଣ୍ଡାଇ, ଖୋର୍ଦ୍ଧା
ପାଠକ ଶ୍ରେଷ୍ଠ ବିଚାରକ ସ୍ତମ୍ଭକୁ ଚିଠି ପଠାଇବାର ଠିକଣା: ସମ୍ପାଦକ, ଧରିତ୍ରୀ, ବି-୨୧, ଭଉମନଗର ଶିଳ୍ପାଞ୍ଚଳ, ଭୁବନେଶ୍ୱର-୭୫୧୦୧୦
କେବଳ ସମ୍ପାଦକୀୟ ପୃଷ୍ଠା ଓ ଖବର ପାଇଁ ବ୍ୟବହାର କରନ୍ତୁ : E-mail:dharitripress@gmail.com (Use only for letters to Editor,
news & news photos) କେବଳ ବିଜ୍ଞାପନ ପାଇଁ ବ୍ୟବହାର କରନ୍ତୁ : E-mail:advt@dharitri.com
:miku11@yahoo.com (Use only for advertisements,commercial queries)
JC
